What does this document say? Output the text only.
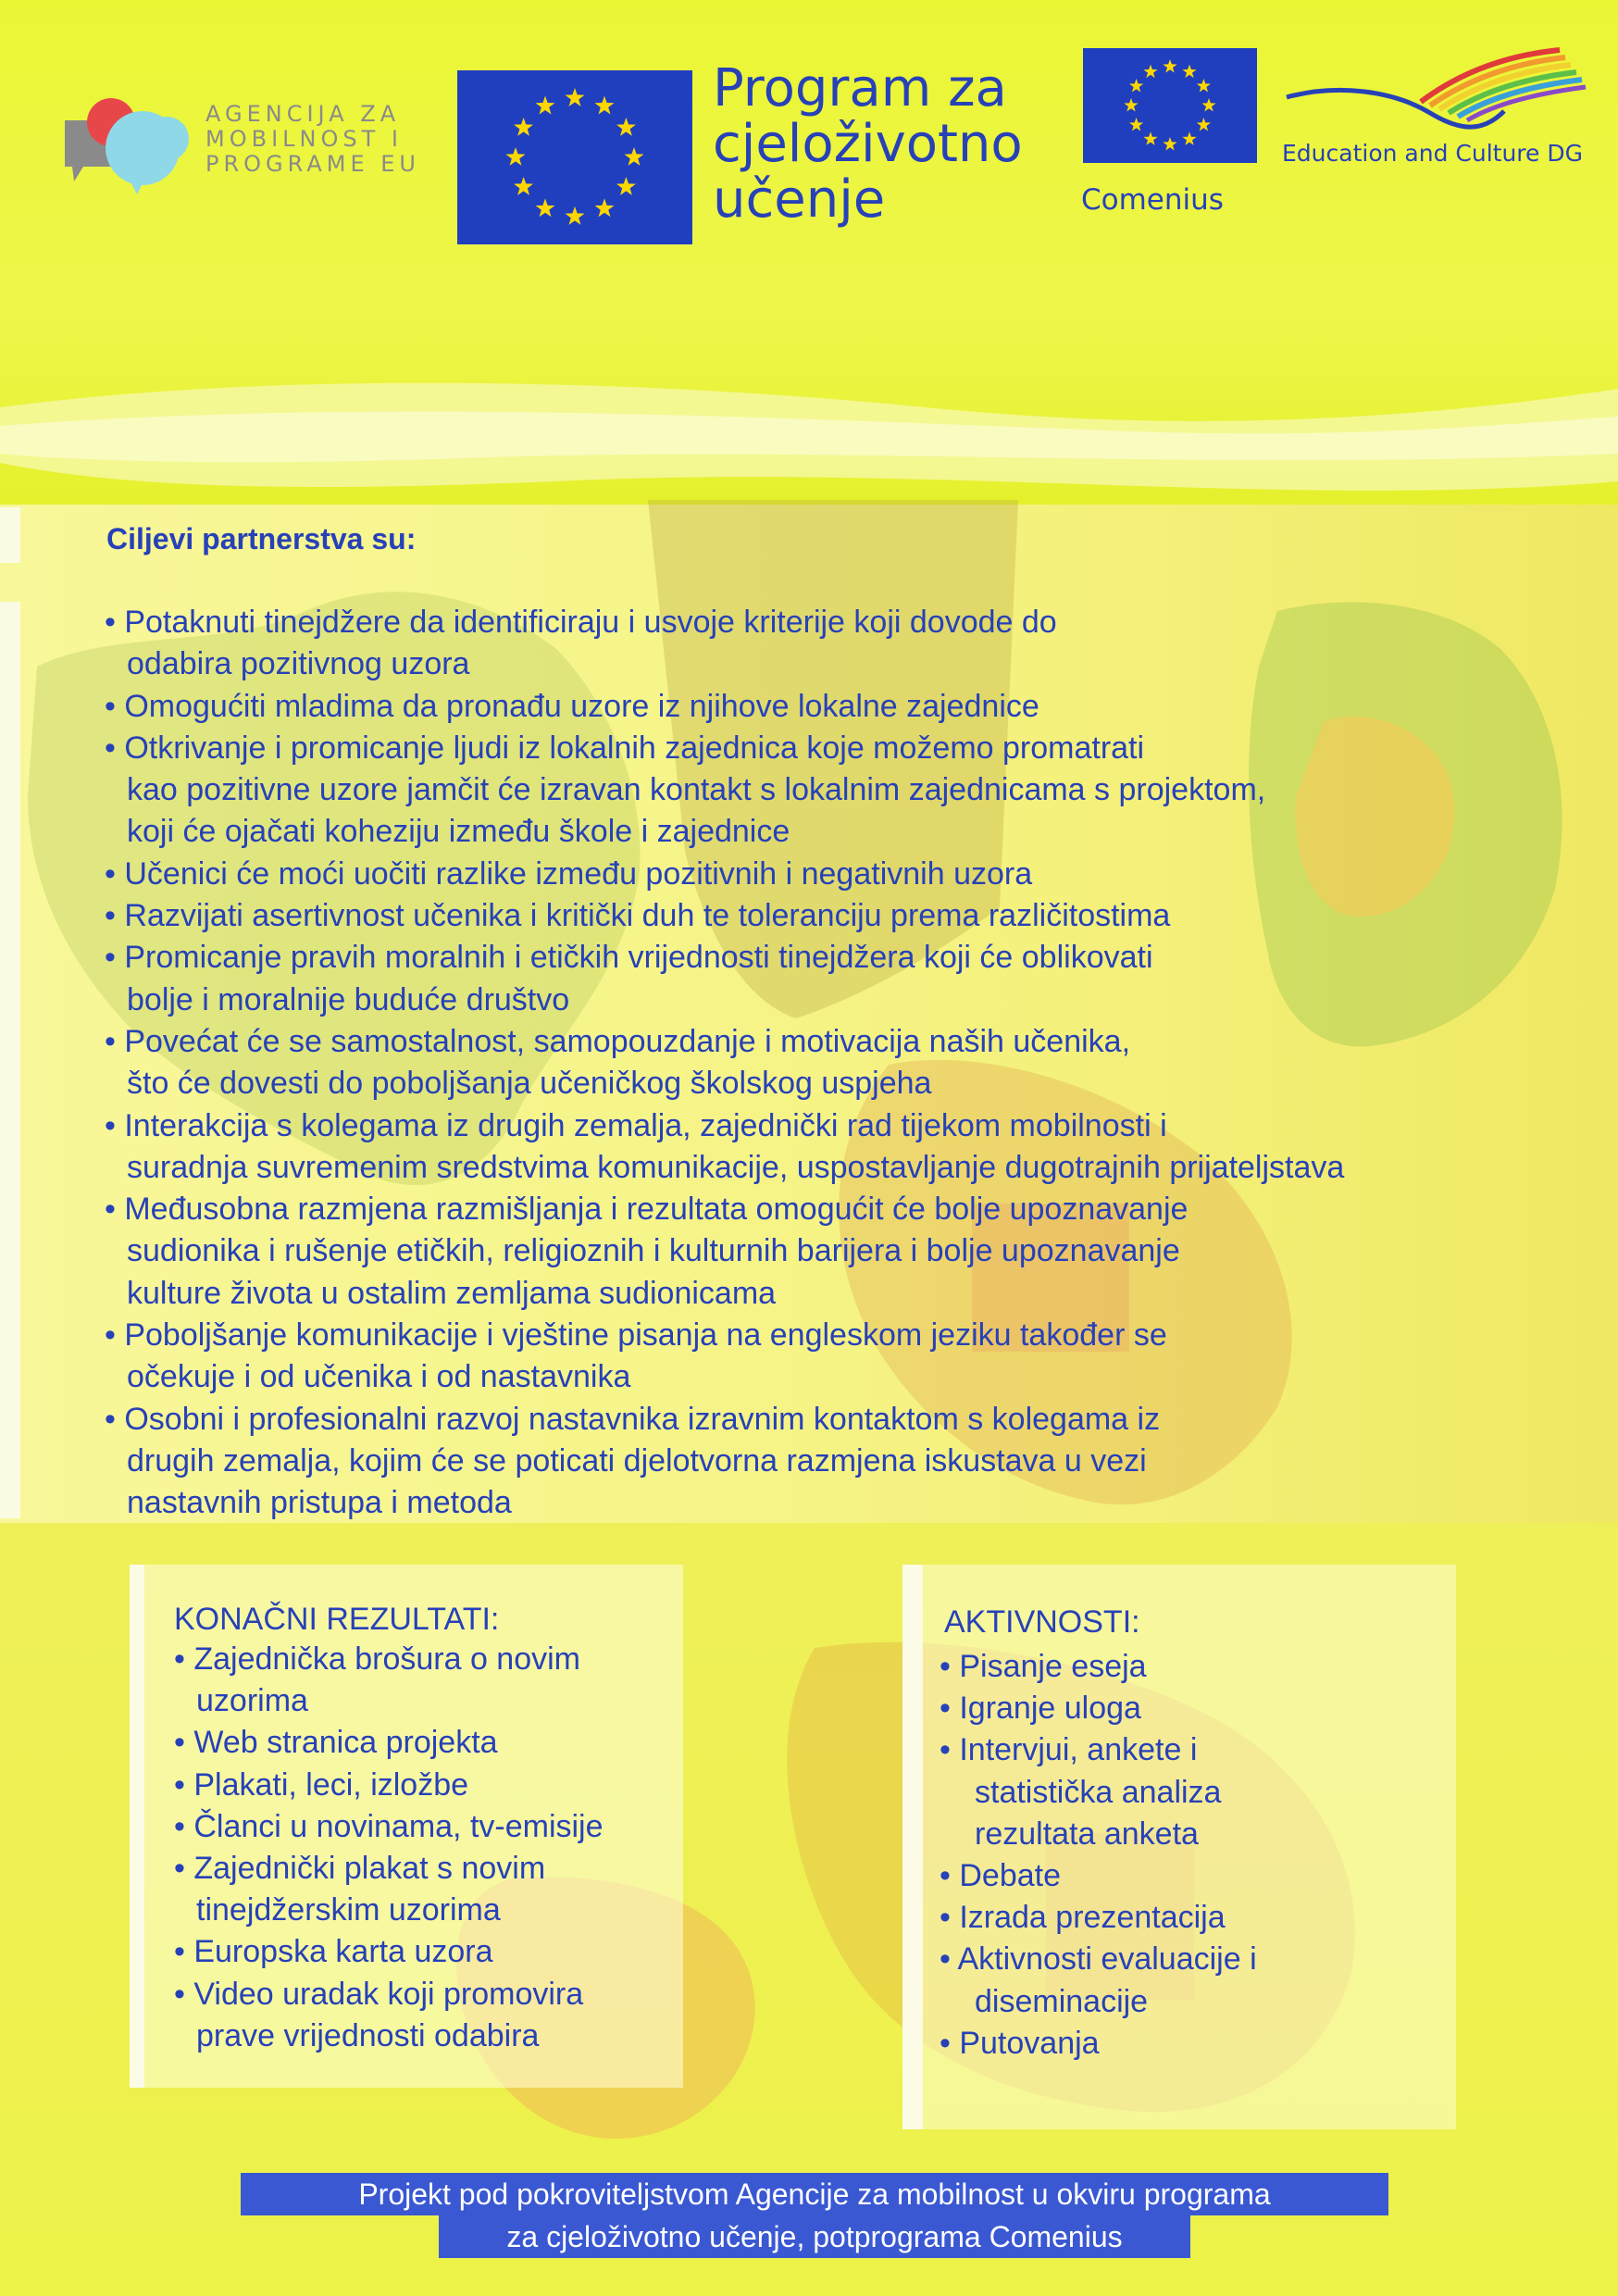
AGENCIJA ZA
MOBILNOST I
PROGRAME EU
Program za
cjeloživotno
učenje	Comenius
Education and Culture DG
Ciljevi partnerstva su:
• Potaknuti tinejdžere da identificiraju i usvoje kriterije koji dovode do
odabira pozitivnog uzora
• Omogućiti mladima da pronađu uzore iz njihove lokalne zajednice
• Otkrivanje i promicanje ljudi iz lokalnih zajednica koje možemo promatrati
kao pozitivne uzore jamčit će izravan kontakt s lokalnim zajednicama s projektom,
koji će ojačati koheziju između škole i zajednice
• Učenici će moći uočiti razlike između pozitivnih i negativnih uzora
• Razvijati asertivnost učenika i kritički duh te toleranciju prema različitostima
• Promicanje pravih moralnih i etičkih vrijednosti tinejdžera koji će oblikovati
bolje i moralnije buduće društvo
• Povećat će se samostalnost, samopouzdanje i motivacija naših učenika,
što će dovesti do poboljšanja učeničkog školskog uspjeha
• Interakcija s kolegama iz drugih zemalja, zajednički rad tijekom mobilnosti i
suradnja suvremenim sredstvima komunikacije, uspostavljanje dugotrajnih prijateljstava
• Međusobna razmjena razmišljanja i rezultata omogućit će bolje upoznavanje
sudionika i rušenje etičkih, religioznih i kulturnih barijera i bolje upoznavanje
kulture života u ostalim zemljama sudionicama
• Poboljšanje komunikacije i vještine pisanja na engleskom jeziku također se
očekuje i od učenika i od nastavnika
• Osobni i profesionalni razvoj nastavnika izravnim kontaktom s kolegama iz
drugih zemalja, kojim će se poticati djelotvorna razmjena iskustava u vezi
nastavnih pristupa i metoda
KONAČNI REZULTATI:
• Zajednička brošura o novim
uzorima
• Web stranica projekta
• Plakati, leci, izložbe
• Članci u novinama, tv-emisije
• Zajednički plakat s novim
tinejdžerskim uzorima
• Europska karta uzora
• Video uradak koji promovira
prave vrijednosti odabira
AKTIVNOSTI:
• Pisanje eseja
• Igranje uloga
• Intervjui, ankete i
statistička analiza
rezultata anketa
• Debate
• Izrada prezentacija
• Aktivnosti evaluacije i
diseminacije
• Putovanja
Projekt pod pokroviteljstvom Agencije za mobilnost u okviru programa
za cjeloživotno učenje, potprograma Comenius
